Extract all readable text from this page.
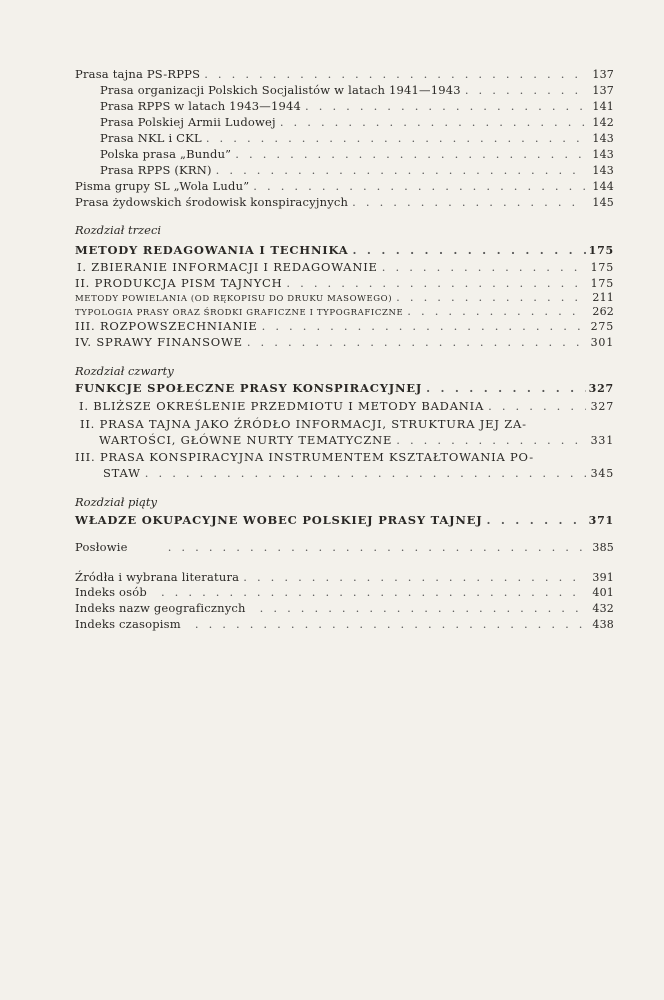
Prasa tajna PS-RPPS . . .	137
Prasa organizacji Polskich Socjalistów w latach 1941—1943 . . .	137
Prasa RPPS w latach 1943—1944 . . .	141
Prasa Polskiej Armii Ludowej . . .	142
Prasa NKL i CKL . . .	143
Polska prasa „Bundu” . . .	143
Prasa RPPS (KRN) . . .	143
Pisma grupy SL „Wola Ludu” . . .	144
Prasa żydowskich środowisk konspiracyjnych . . .	145
Rozdział trzeci
METODY REDAGOWANIA I TECHNIKA . . .	175
I. ZBIERANIE INFORMACJI I REDAGOWANIE . . .	175
II. PRODUKCJA PISM TAJNYCH . . .	175
METODY POWIELANIA (OD RĘKOPISU DO DRUKU MASOWEGO) . . .	211
TYPOLOGIA PRASY ORAZ ŚRODKI GRAFICZNE I TYPOGRAFICZNE . . .	262
III. ROZPOWSZECHNIANIE . . .	275
IV. SPRAWY FINANSOWE . . .	301
Rozdział czwarty
FUNKCJE SPOŁECZNE PRASY KONSPIRACYJNEJ . . .	327
I. BLIŻSZE OKREŚLENIE PRZEDMIOTU I METODY BADANIA . . .	327
II. PRASA TAJNA JAKO ŹRÓDŁO INFORMACJI, STRUKTURA JEJ ZA-
WARTOŚCI, GŁÓWNE NURTY TEMATYCZNE . . .	331
III. PRASA KONSPIRACYJNA INSTRUMENTEM KSZTAŁTOWANIA PO-
STAW . . .	345
Rozdział piąty
WŁADZE OKUPACYJNE WOBEC POLSKIEJ PRASY TAJNEJ . . .	371
Posłowie . . .	385
Źródła i wybrana literatura . . .	391
Indeks osób . . .	401
Indeks nazw geograficznych . . .	432
Indeks czasopism . . .	438
